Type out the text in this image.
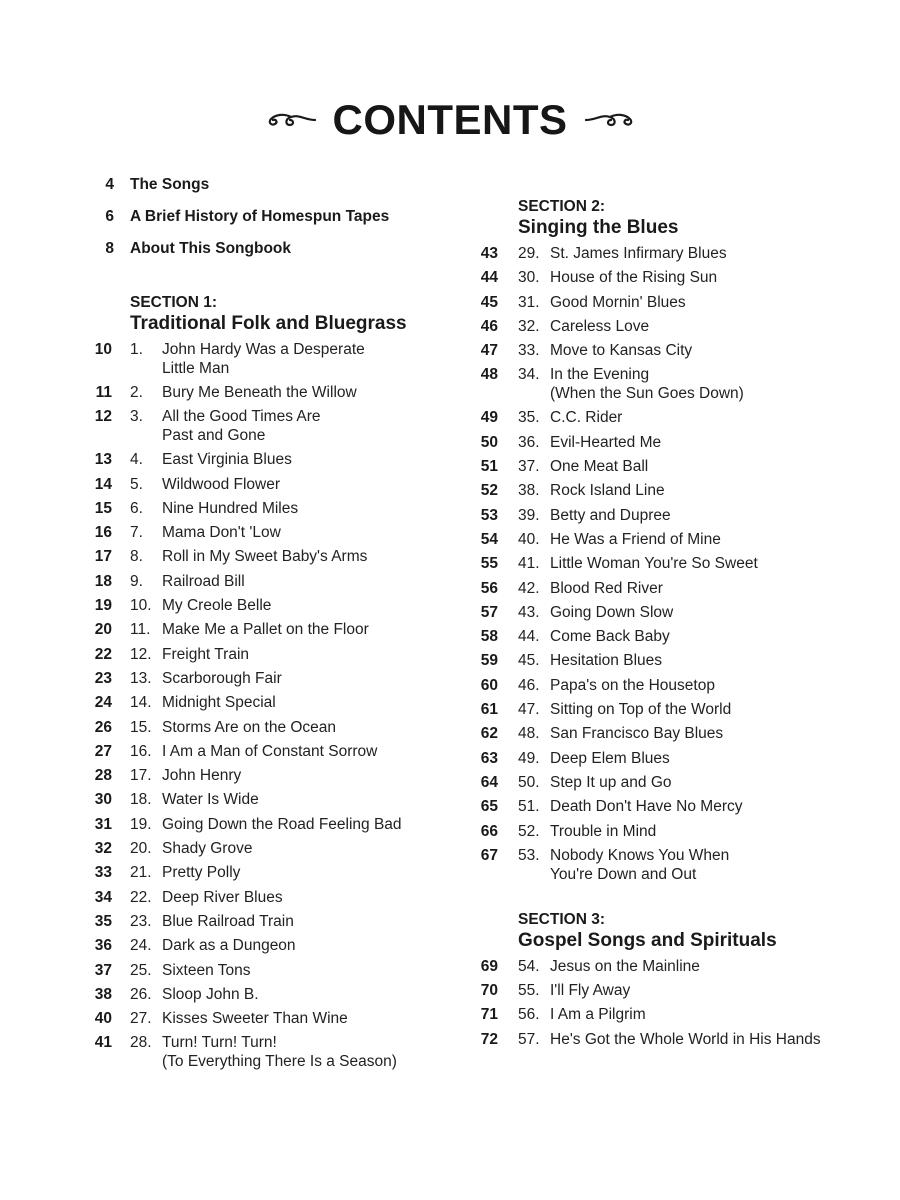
CONTENTS
4 The Songs
6 A Brief History of Homespun Tapes
8 About This Songbook
SECTION 1:
Traditional Folk and Bluegrass
10 1.	John Hardy Was a Desperate
Little Man
11 2.	Bury Me Beneath the Willow
12 3.	All the Good Times Are
Past and Gone
13 4.	East Virginia Blues
14 5.	Wildwood Flower
15 6.	Nine Hundred Miles
16 7.	Mama Don't 'Low
17 8.	Roll in My Sweet Baby's Arms
18 9.	Railroad Bill
19 10. My Creole Belle
20 11. Make Me a Pallet on the Floor
22 12. Freight Train
23 13. Scarborough Fair
24 14. Midnight Special
26 15. Storms Are on the Ocean
27 16. I Am a Man of Constant Sorrow
28 17. John Henry
30 18. Water Is Wide
31 19. Going Down the Road Feeling Bad
32 20. Shady Grove
33 21. Pretty Polly
34 22. Deep River Blues
35 23. Blue Railroad Train
36 24. Dark as a Dungeon
37 25. Sixteen Tons
38 26. Sloop John B.
40 27. Kisses Sweeter Than Wine
41 28. Turn! Turn! Turn!
(To Everything There Is a Season)
SECTION 2:
Singing the Blues
43 29. St. James Infirmary Blues
44 30. House of the Rising Sun
45 31. Good Mornin' Blues
46 32. Careless Love
47 33. Move to Kansas City
48 34. In the Evening
(When the Sun Goes Down)
49 35. C.C. Rider
50 36. Evil-Hearted Me
51 37. One Meat Ball
52 38. Rock Island Line
53 39. Betty and Dupree
54 40. He Was a Friend of Mine
55 41. Little Woman You're So Sweet
56 42. Blood Red River
57 43. Going Down Slow
58 44. Come Back Baby
59 45. Hesitation Blues
60 46. Papa's on the Housetop
61 47. Sitting on Top of the World
62 48. San Francisco Bay Blues
63 49. Deep Elem Blues
64 50. Step It up and Go
65 51. Death Don't Have No Mercy
66 52. Trouble in Mind
67 53. Nobody Knows You When
You're Down and Out
SECTION 3:
Gospel Songs and Spirituals
69 54. Jesus on the Mainline
70 55. I'll Fly Away
71 56. I Am a Pilgrim
72 57. He's Got the Whole World in His Hands
